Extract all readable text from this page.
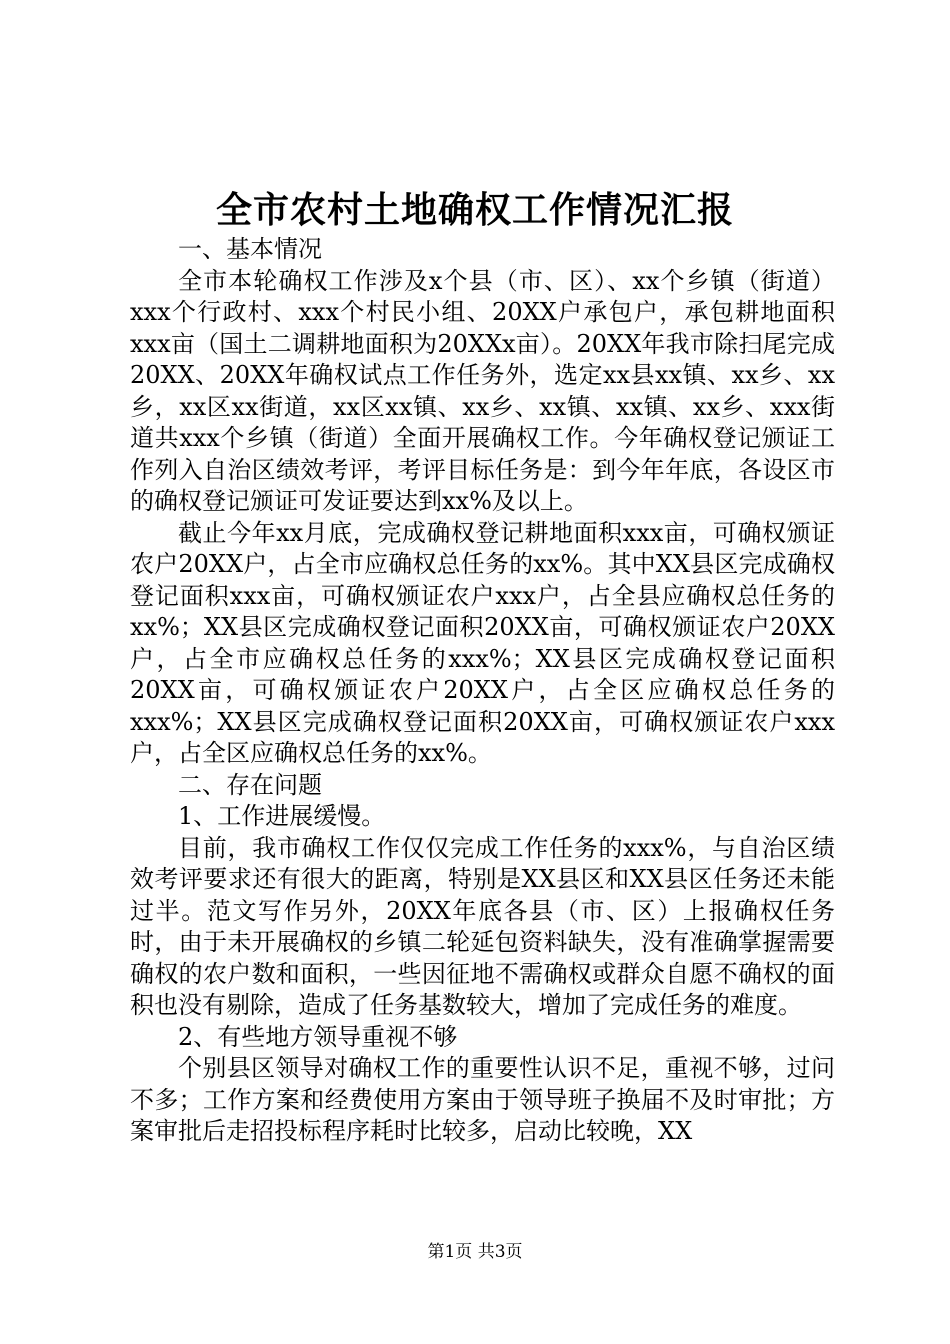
全市农村土地确权工作情况汇报

一、基本情况

全市本轮确权工作涉及x个县（市、区）、xx个乡镇（街道）xxx个行政村、xxx个村民小组、20XX户承包户，承包耕地面积xxx亩（国土二调耕地面积为20XXx亩）。20XX年我市除扫尾完成20XX、20XX年确权试点工作任务外，选定xx县xx镇、xx乡、xx乡，xx区xx街道，xx区xx镇、xx乡、xx镇、xx镇、xx乡、xxx街道共xxx个乡镇（街道）全面开展确权工作。今年确权登记颁证工作列入自治区绩效考评，考评目标任务是：到今年年底，各设区市的确权登记颁证可发证要达到xx%及以上。

截止今年xx月底，完成确权登记耕地面积xxx亩，可确权颁证农户20XX户，占全市应确权总任务的xx%。其中XX县区完成确权登记面积xxx亩，可确权颁证农户xxx户，占全县应确权总任务的xx%；XX县区完成确权登记面积20XX亩，可确权颁证农户20XX户，占全市应确权总任务的xxx%；XX县区完成确权登记面积20XX亩，可确权颁证农户20XX户，占全区应确权总任务的xxx%；XX县区完成确权登记面积20XX亩，可确权颁证农户xxx户，占全区应确权总任务的xx%。

二、存在问题

1、工作进展缓慢。

目前，我市确权工作仅仅完成工作任务的xxx%，与自治区绩效考评要求还有很大的距离，特别是XX县区和XX县区任务还未能过半。范文写作另外，20XX年底各县（市、区）上报确权任务时，由于未开展确权的乡镇二轮延包资料缺失，没有准确掌握需要确权的农户数和面积，一些因征地不需确权或群众自愿不确权的面积也没有剔除，造成了任务基数较大，增加了完成任务的难度。

2、有些地方领导重视不够

个别县区领导对确权工作的重要性认识不足，重视不够，过问不多；工作方案和经费使用方案由于领导班子换届不及时审批；方案审批后走招投标程序耗时比较多，启动比较晚，XX

第1页 共3页
